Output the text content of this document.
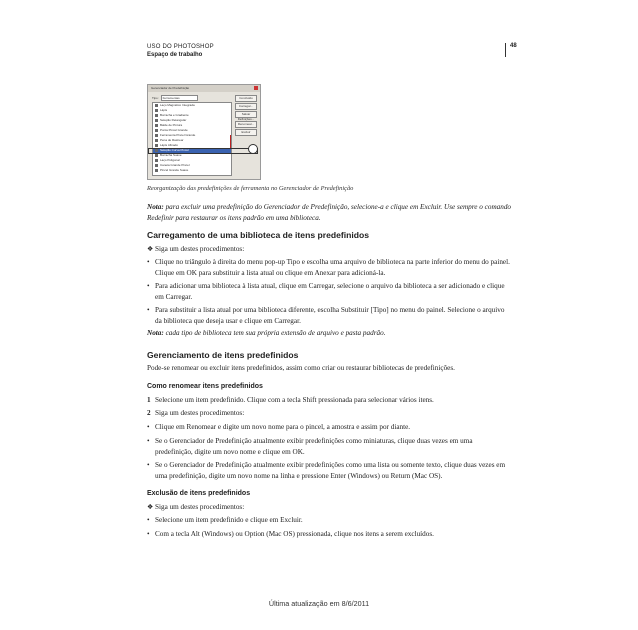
USO DO PHOTOSHOP
Espaço de trabalho
48
Gerenciador de Predefinição
Tipo: Ferramentas
Laço Magnético Integrada
Lápis
Borracha e Gradiente
Seleção Retangular
Balde de Pintura
Ponta Pincel Grande
Ferramenta Pincel Grande
Pena de Rastrear
Lápis Afinado
Seleção Curva Pincel
Borracha Suave
Laço Poligonal
Caneta Grande Pincel
Pincel Grande Suave
Concluído
Carregar...
Salvar Definições...
Renomear...
Excluir
Reorganização das predefinições de ferramenta no Gerenciador de Predefinição
Nota: para excluir uma predefinição do Gerenciador de Predefinição, selecione-a e clique em Excluir. Use sempre o comando Redefinir para restaurar os itens padrão em uma biblioteca.
Carregamento de uma biblioteca de itens predefinidos
❖ Siga um destes procedimentos:
• Clique no triângulo à direita do menu pop-up Tipo e escolha uma arquivo de biblioteca na parte inferior do menu do painel. Clique em OK para substituir a lista atual ou clique em Anexar para adicioná-la.
• Para adicionar uma biblioteca à lista atual, clique em Carregar, selecione o arquivo da biblioteca a ser adicionado e clique em Carregar.
• Para substituir a lista atual por uma biblioteca diferente, escolha Substituir [Tipo] no menu do painel. Selecione o arquivo da biblioteca que deseja usar e clique em Carregar.
Nota: cada tipo de biblioteca tem sua própria extensão de arquivo e pasta padrão.
Gerenciamento de itens predefinidos
Pode-se renomear ou excluir itens predefinidos, assim como criar ou restaurar bibliotecas de predefinições.
Como renomear itens predefinidos
1 Selecione um item predefinido. Clique com a tecla Shift pressionada para selecionar vários itens.
2 Siga um destes procedimentos:
• Clique em Renomear e digite um novo nome para o pincel, a amostra e assim por diante.
• Se o Gerenciador de Predefinição atualmente exibir predefinições como miniaturas, clique duas vezes em uma predefinição, digite um novo nome e clique em OK.
• Se o Gerenciador de Predefinição atualmente exibir predefinições como uma lista ou somente texto, clique duas vezes em uma predefinição, digite um novo nome na linha e pressione Enter (Windows) ou Return (Mac OS).
Exclusão de itens predefinidos
❖ Siga um destes procedimentos:
• Selecione um item predefinido e clique em Excluir.
• Com a tecla Alt (Windows) ou Option (Mac OS) pressionada, clique nos itens a serem excluídos.
Última atualização em 8/6/2011
